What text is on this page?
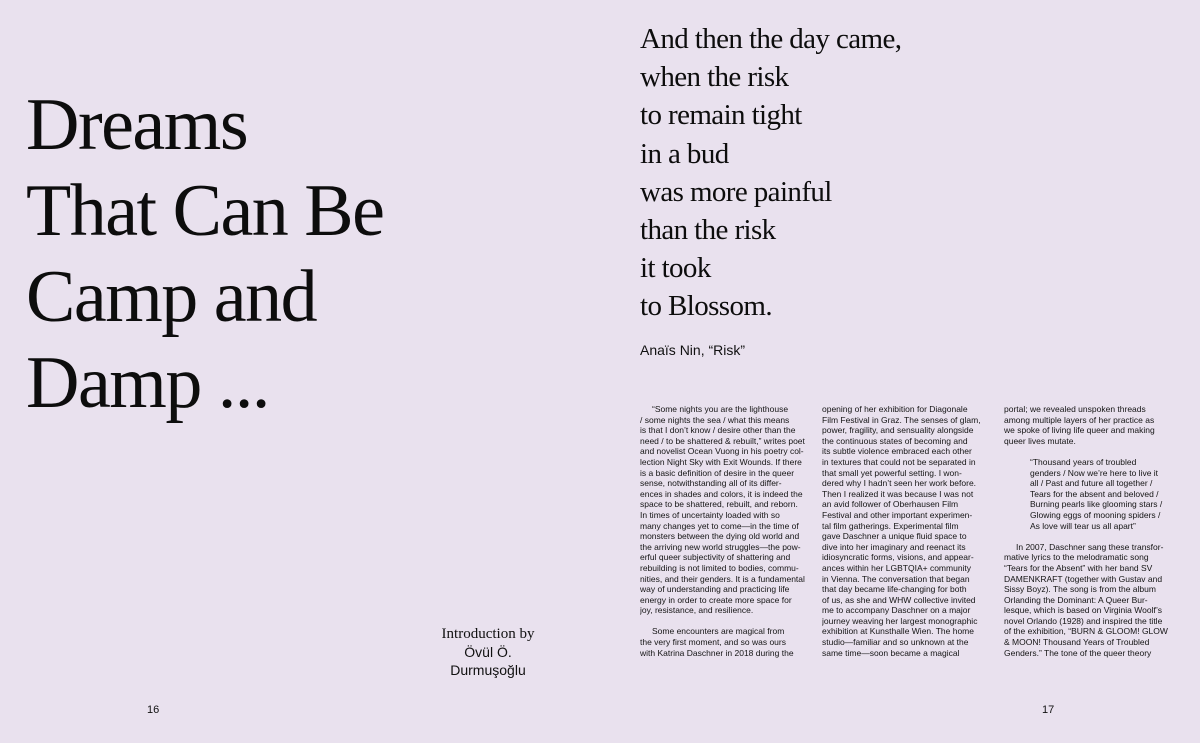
Dreams
That Can Be
Camp and
Damp ...
Introduction by
Övül Ö.
Durmuşoğlu
16
And then the day came,
when the risk
to remain tight
in a bud
was more painful
than the risk
it took
to Blossom.
Anaïs Nin, “Risk”
“Some nights you are the lighthouse
/ some nights the sea / what this means
is that I don’t know / desire other than the
need / to be shattered & rebuilt,” writes poet
and novelist Ocean Vuong in his poetry col-
lection Night Sky with Exit Wounds. If there
is a basic definition of desire in the queer
sense, notwithstanding all of its differ-
ences in shades and colors, it is indeed the
space to be shattered, rebuilt, and reborn.
In times of uncertainty loaded with so
many changes yet to come—in the time of
monsters between the dying old world and
the arriving new world struggles—the pow-
erful queer subjectivity of shattering and
rebuilding is not limited to bodies, commu-
nities, and their genders. It is a fundamental
way of understanding and practicing life
energy in order to create more space for
joy, resistance, and resilience.
Some encounters are magical from
the very first moment, and so was ours
with Katrina Daschner in 2018 during the
opening of her exhibition for Diagonale
Film Festival in Graz. The senses of glam,
power, fragility, and sensuality alongside
the continuous states of becoming and
its subtle violence embraced each other
in textures that could not be separated in
that small yet powerful setting. I won-
dered why I hadn’t seen her work before.
Then I realized it was because I was not
an avid follower of Oberhausen Film
Festival and other important experimen-
tal film gatherings. Experimental film
gave Daschner a unique fluid space to
dive into her imaginary and reenact its
idiosyncratic forms, visions, and appear-
ances within her LGBTQIA+ community
in Vienna. The conversation that began
that day became life-changing for both
of us, as she and WHW collective invited
me to accompany Daschner on a major
journey weaving her largest monographic
exhibition at Kunsthalle Wien. The home
studio—familiar and so unknown at the
same time—soon became a magical
portal; we revealed unspoken threads
among multiple layers of her practice as
we spoke of living life queer and making
queer lives mutate.
“Thousand years of troubled
genders / Now we’re here to live it
all / Past and future all together /
Tears for the absent and beloved /
Burning pearls like glooming stars /
Glowing eggs of mooning spiders /
As love will tear us all apart”
In 2007, Daschner sang these transfor-
mative lyrics to the melodramatic song
“Tears for the Absent” with her band SV
DAMENKRAFT (together with Gustav and
Sissy Boyz). The song is from the album
Orlanding the Dominant: A Queer Bur-
lesque, which is based on Virginia Woolf’s
novel Orlando (1928) and inspired the title
of the exhibition, “BURN & GLOOM! GLOW
& MOON! Thousand Years of Troubled
Genders.” The tone of the queer theory
17
